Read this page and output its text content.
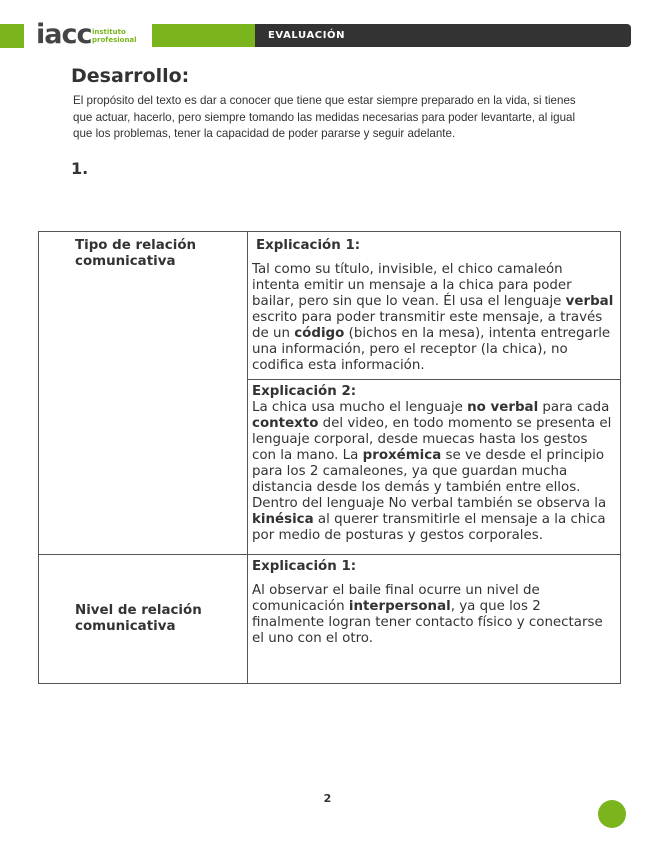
iacc instituto
profesional	EVALUACIÓN
Desarrollo:
El propósito del texto es dar a conocer que tiene que estar siempre preparado en la vida, si tienes que actuar, hacerlo, pero siempre tomando las medidas necesarias para poder levantarte, al igual que los problemas, tener la capacidad de poder pararse y seguir adelante.
1.
Tipo de relación comunicativa	Explicación 1:

Tal como su título, invisible, el chico camaleón intenta emitir un mensaje a la chica para poder bailar, pero sin que lo vean. Él usa el lenguaje verbal escrito para poder transmitir este mensaje, a través de un código (bichos en la mesa), intenta entregarle una información, pero el receptor (la chica), no codifica esta información.

	Explicación 2:

La chica usa mucho el lenguaje no verbal para cada contexto del video, en todo momento se presenta el lenguaje corporal, desde muecas hasta los gestos con la mano. La proxémica se ve desde el principio para los 2 camaleones, ya que guardan mucha distancia desde los demás y también entre ellos. Dentro del lenguaje No verbal también se observa la kinésica al querer transmitirle el mensaje a la chica por medio de posturas y gestos corporales.

Nivel de relación comunicativa	Explicación 1:

Al observar el baile final ocurre un nivel de comunicación interpersonal, ya que los 2 finalmente logran tener contacto físico y conectarse el uno con el otro.

2
